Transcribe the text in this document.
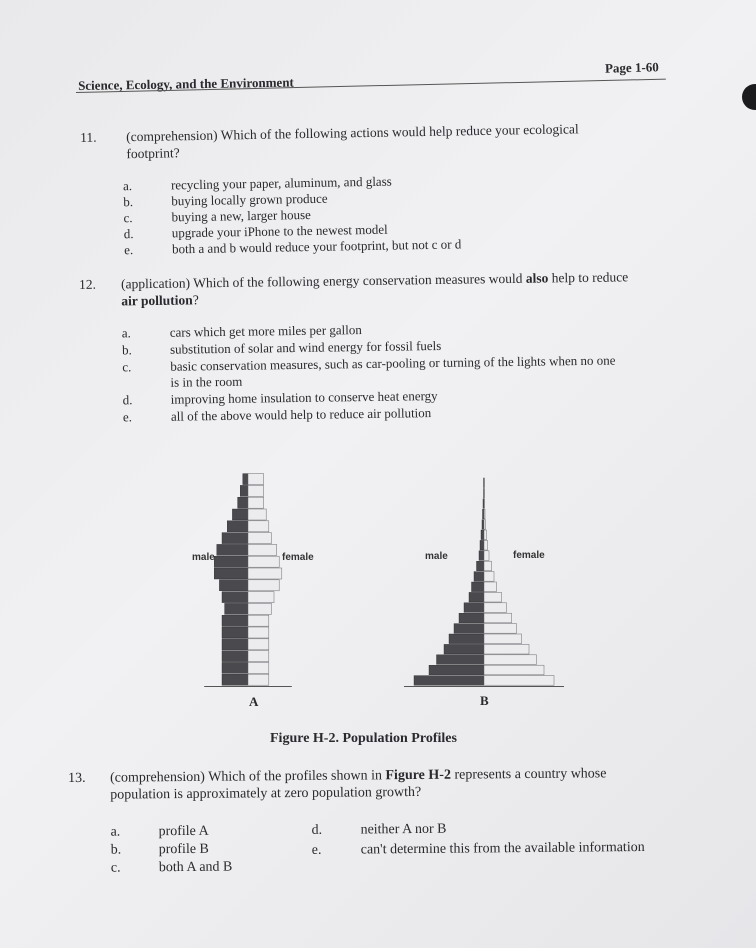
Science, Ecology, and the Environment
Page 1-60
11. (comprehension) Which of the following actions would help reduce your ecological
footprint?
a.	recycling your paper, aluminum, and glass
b.	buying locally grown produce
c.	buying a new, larger house
d.	upgrade your iPhone to the newest model
e.	both a and b would reduce your footprint, but not c or d
12. (application) Which of the following energy conservation measures would also help to reduce
air pollution?
a.	cars which get more miles per gallon
b.	substitution of solar and wind energy for fossil fuels
c.	basic conservation measures, such as car-pooling or turning of the lights when no one
is in the room
d.	improving home insulation to conserve heat energy
e.	all of the above would help to reduce air pollution
male	female	male	female
A	B
Figure H-2. Population Profiles
13. (comprehension) Which of the profiles shown in Figure H-2 represents a country whose
population is approximately at zero population growth?
a.	profile A
b.	profile B
c.	both A and B
d.	neither A nor B
e.	can't determine this from the available information
